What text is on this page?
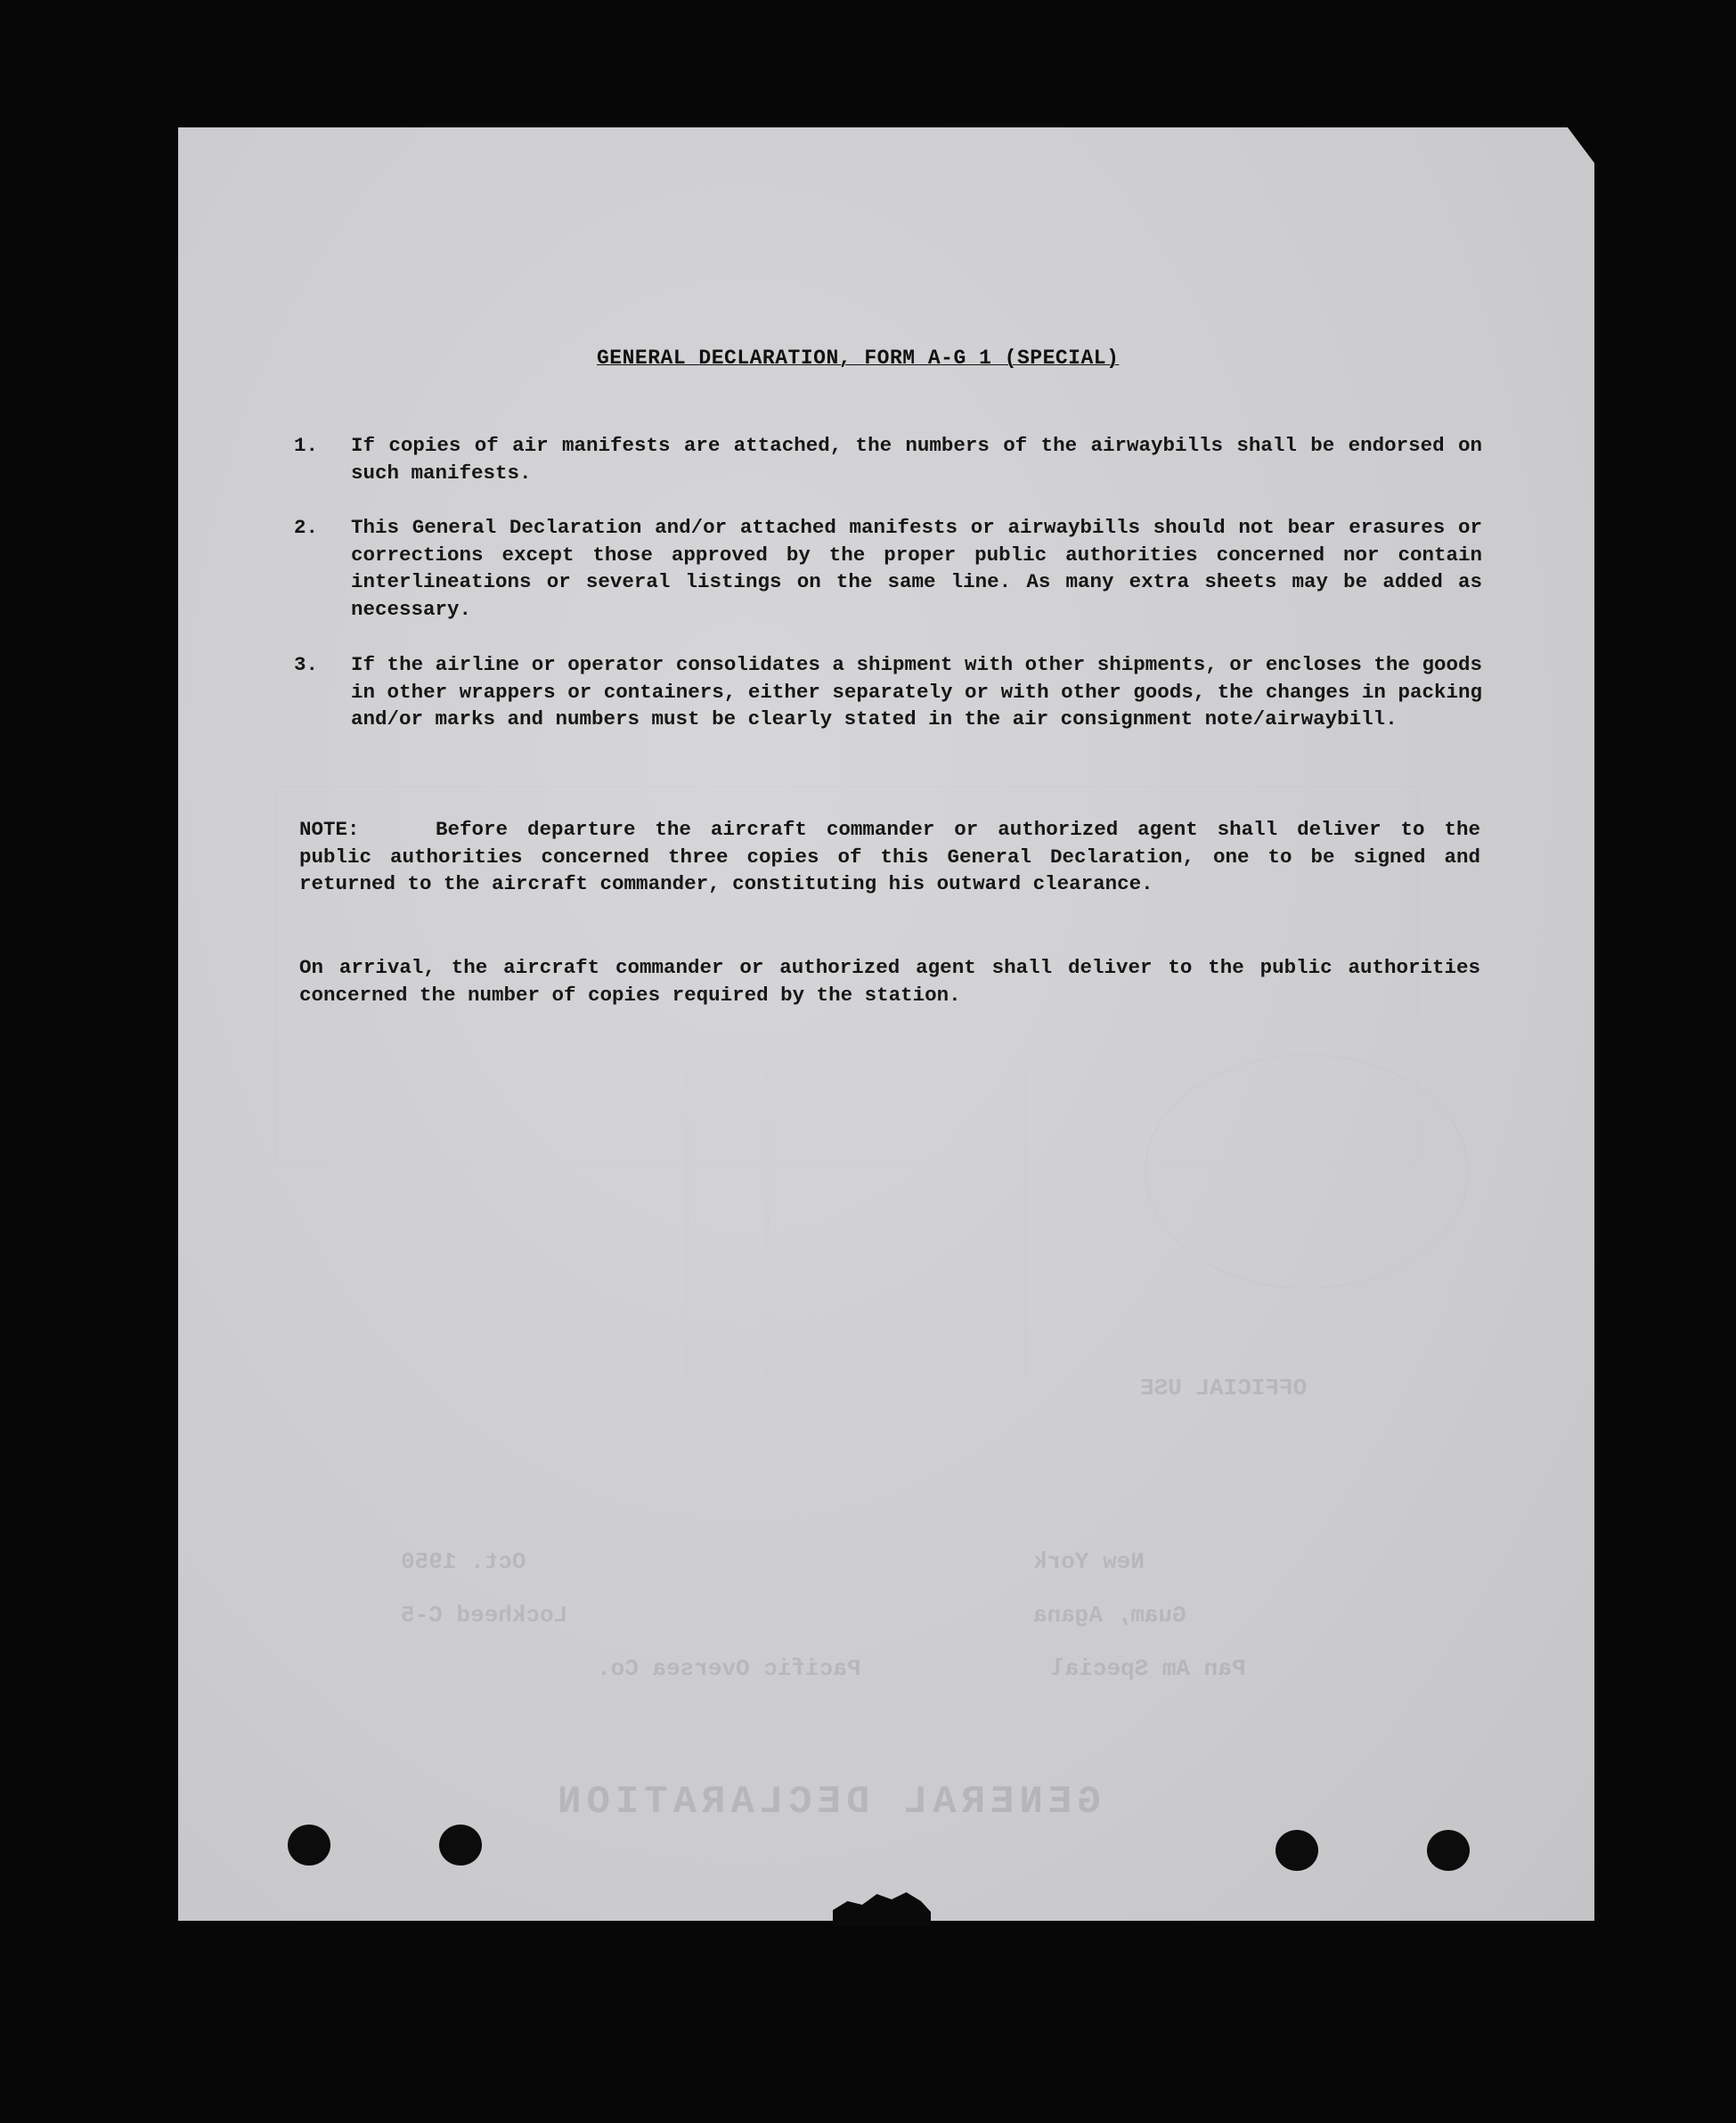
GENERAL DECLARATION
Pan Am Special
Pacific Oversea Co.
Guam, Agana
Lockheed C-5
New York
Oct. 1950
OFFICIAL USE
GENERAL DECLARATION, FORM A-G 1 (SPECIAL)
1. If copies of air manifests are attached, the numbers of the airwaybills shall be endorsed on such manifests.
2. This General Declaration and/or attached manifests or airwaybills should not bear erasures or corrections except those approved by the proper public authorities concerned nor contain interlineations or several listings on the same line. As many extra sheets may be added as necessary.
3. If the airline or operator consolidates a shipment with other shipments, or encloses the goods in other wrappers or containers, either separately or with other goods, the changes in packing and/or marks and numbers must be clearly stated in the air consignment note/airwaybill.
NOTE:	Before departure the aircraft commander or authorized agent shall deliver to the public authorities concerned three copies of this General Declaration, one to be signed and returned to the aircraft commander, constituting his outward clearance.
On arrival, the aircraft commander or authorized agent shall deliver to the public authorities concerned the number of copies required by the station.
